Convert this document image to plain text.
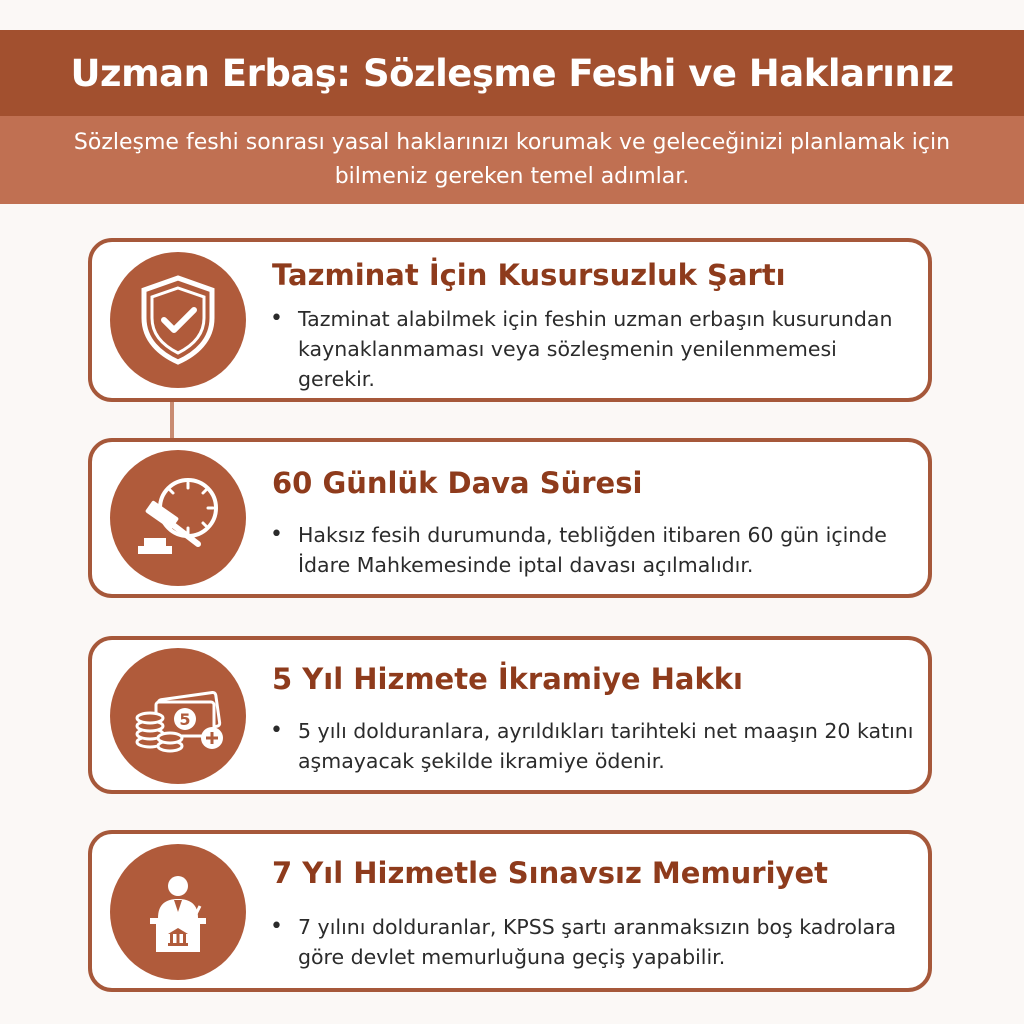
Uzman Erbaş: Sözleşme Feshi ve Haklarınız
Sözleşme feshi sonrası yasal haklarınızı korumak ve geleceğinizi planlamak için bilmeniz gereken temel adımlar.
Tazminat İçin Kusursuzluk Şartı
• Tazminat alabilmek için feshin uzman erbaşın kusurundan kaynaklanmaması veya sözleşmenin yenilenmemesi gerekir.
60 Günlük Dava Süresi
• Haksız fesih durumunda, tebliğden itibaren 60 gün içinde İdare Mahkemesinde iptal davası açılmalıdır.
5
5 Yıl Hizmete İkramiye Hakkı
• 5 yılı dolduranlara, ayrıldıkları tarihteki net maaşın 20 katını aşmayacak şekilde ikramiye ödenir.
7 Yıl Hizmetle Sınavsız Memuriyet
• 7 yılını dolduranlar, KPSS şartı aranmaksızın boş kadrolara göre devlet memurluğuna geçiş yapabilir.
